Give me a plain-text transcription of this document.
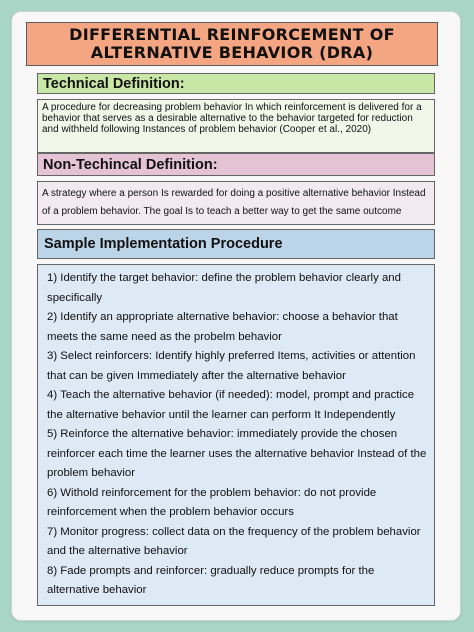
DIFFERENTIAL REINFORCEMENT OF
ALTERNATIVE BEHAVIOR (DRA)
Technical Definition:
A procedure for decreasing problem behavior In which reinforcement is delivered for a behavior that serves as a desirable alternative to the behavior targeted for reduction and withheld following Instances of problem behavior (Cooper et al., 2020)
Non-Techincal Definition:
A strategy where a person Is rewarded for doing a positive alternative behavior Instead of a problem behavior. The goal Is to teach a better way to get the same outcome
Sample Implementation Procedure
1) Identify the target behavior: define the problem behavior clearly and specifically
2) Identify an appropriate alternative behavior: choose a behavior that meets the same need as the probelm behavior
3) Select reinforcers: Identify highly preferred Items, activities or attention that can be given Immediately after the alternative behavior
4) Teach the alternative behavior (if needed): model, prompt and practice the alternative behavior until the learner can perform It Independently
5) Reinforce the alternative behavior: immediately provide the chosen reinforcer each time the learner uses the alternative behavior Instead of the problem behavior
6) Withold reinforcement for the problem behavior: do not provide reinforcement when the problem behavior occurs
7) Monitor progress: collect data on the frequency of the problem behavior and the alternative behavior
8) Fade prompts and reinforcer: gradually reduce prompts for the alternative behavior
